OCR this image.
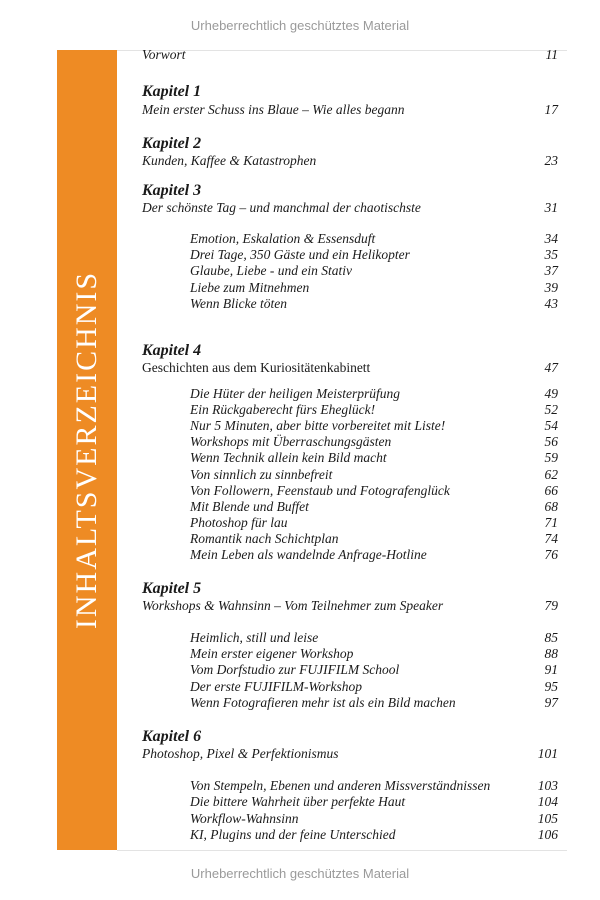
Urheberrechtlich geschütztes Material
INHALTSVERZEICHNIS
Vorwort	11
Kapitel 1
Mein erster Schuss ins Blaue – Wie alles begann	17
Kapitel 2
Kunden, Kaffee & Katastrophen	23
Kapitel 3
Der schönste Tag – und manchmal der chaotischste	31
Emotion, Eskalation & Essensduft	34
Drei Tage, 350 Gäste und ein Helikopter	35
Glaube, Liebe - und ein Stativ	37
Liebe zum Mitnehmen	39
Wenn Blicke töten	43
Kapitel 4
Geschichten aus dem Kuriositätenkabinett	47
Die Hüter der heiligen Meisterprüfung	49
Ein Rückgaberecht fürs Eheglück!	52
Nur 5 Minuten, aber bitte vorbereitet mit Liste!	54
Workshops mit Überraschungsgästen	56
Wenn Technik allein kein Bild macht	59
Von sinnlich zu sinnbefreit	62
Von Followern, Feenstaub und Fotografenglück	66
Mit Blende und Buffet	68
Photoshop für lau	71
Romantik nach Schichtplan	74
Mein Leben als wandelnde Anfrage-Hotline	76
Kapitel 5
Workshops & Wahnsinn – Vom Teilnehmer zum Speaker	79
Heimlich, still und leise	85
Mein erster eigener Workshop	88
Vom Dorfstudio zur FUJIFILM School	91
Der erste FUJIFILM-Workshop	95
Wenn Fotografieren mehr ist als ein Bild machen	97
Kapitel 6
Photoshop, Pixel & Perfektionismus	101
Von Stempeln, Ebenen und anderen Missverständnissen	103
Die bittere Wahrheit über perfekte Haut	104
Workflow-Wahnsinn	105
KI, Plugins und der feine Unterschied	106
Urheberrechtlich geschütztes Material
